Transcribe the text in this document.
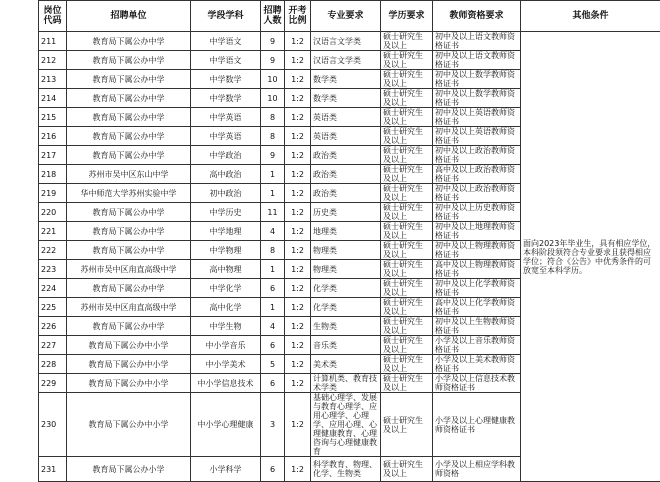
岗位代码	招聘单位	学段学科	招聘人数	开考比例	专业要求	学历要求	教师资格要求	其他条件
211	教育局下属公办中学	中学语文	9	1:2	汉语言文学类	硕士研究生及以上	初中及以上语文教师资格证书	面向2023年毕业生，具有相应学位，本科阶段须符合专业要求且获得相应学位；符合《公告》中优秀条件的可放宽至本科学历。
212	教育局下属公办中学	中学语文	9	1:2	汉语言文学类	硕士研究生及以上	初中及以上语文教师资格证书	
213	教育局下属公办中学	中学数学	10	1:2	数学类	硕士研究生及以上	初中及以上数学教师资格证书	
214	教育局下属公办中学	中学数学	10	1:2	数学类	硕士研究生及以上	初中及以上数学教师资格证书	
215	教育局下属公办中学	中学英语	8	1:2	英语类	硕士研究生及以上	初中及以上英语教师资格证书	
216	教育局下属公办中学	中学英语	8	1:2	英语类	硕士研究生及以上	初中及以上英语教师资格证书	
217	教育局下属公办中学	中学政治	9	1:2	政治类	硕士研究生及以上	初中及以上政治教师资格证书	
218	苏州市吴中区东山中学	高中政治	1	1:2	政治类	硕士研究生及以上	高中及以上政治教师资格证书	
219	华中师范大学苏州实验中学	初中政治	1	1:2	政治类	硕士研究生及以上	初中及以上政治教师资格证书	
220	教育局下属公办中学	中学历史	11	1:2	历史类	硕士研究生及以上	初中及以上历史教师资格证书	
221	教育局下属公办中学	中学地理	4	1:2	地理类	硕士研究生及以上	初中及以上地理教师资格证书	
222	教育局下属公办中学	中学物理	8	1:2	物理类	硕士研究生及以上	初中及以上物理教师资格证书	
223	苏州市吴中区甪直高级中学	高中物理	1	1:2	物理类	硕士研究生及以上	高中及以上物理教师资格证书	
224	教育局下属公办中学	中学化学	6	1:2	化学类	硕士研究生及以上	初中及以上化学教师资格证书	
225	苏州市吴中区甪直高级中学	高中化学	1	1:2	化学类	硕士研究生及以上	高中及以上化学教师资格证书	
226	教育局下属公办中学	中学生物	4	1:2	生物类	硕士研究生及以上	初中及以上生物教师资格证书	
227	教育局下属公办中小学	中小学音乐	6	1:2	音乐类	硕士研究生及以上	小学及以上音乐教师资格证书	
228	教育局下属公办中小学	中小学美术	5	1:2	美术类	硕士研究生及以上	小学及以上美术教师资格证书	
229	教育局下属公办中小学	中小学信息技术	6	1:2	计算机类、教育技术学类	硕士研究生及以上	小学及以上信息技术教师资格证书	
230	教育局下属公办中小学	中小学心理健康	3	1:2	基础心理学、发展与教育心理学、应用心理学、心理学、应用心理、心理健康教育、心理咨询与心理健康教育	硕士研究生及以上	小学及以上心理健康教师资格证书	
231	教育局下属公办小学	小学科学	6	1:2	科学教育、物理、化学、生物类	硕士研究生及以上	小学及以上相应学科教师资格	
